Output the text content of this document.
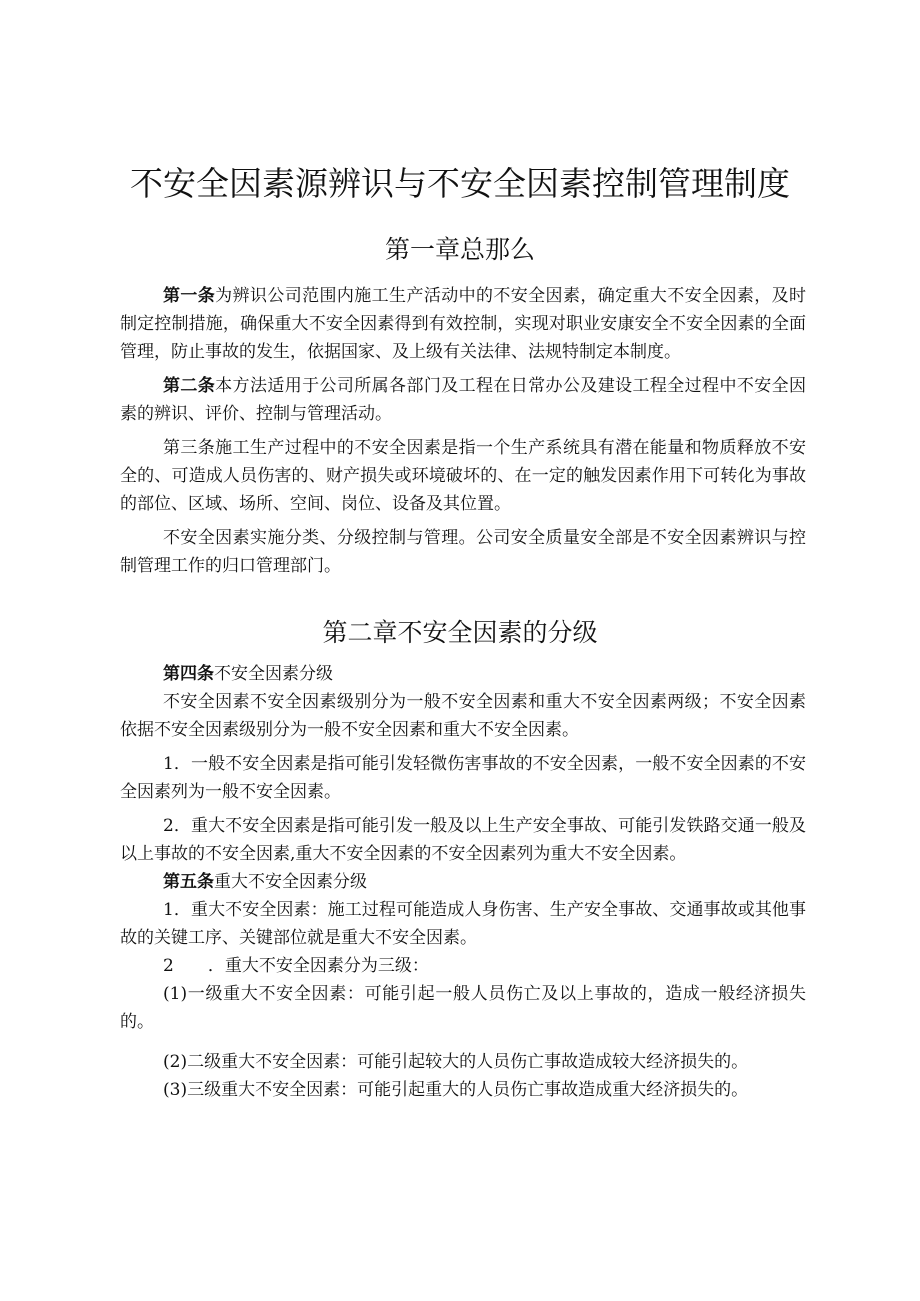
不安全因素源辨识与不安全因素控制管理制度
第一章总那么

第一条为辨识公司范围内施工生产活动中的不安全因素，确定重大不安全因素，及时制定控制措施，确保重大不安全因素得到有效控制，实现对职业安康安全不安全因素的全面管理，防止事故的发生，依据国家、及上级有关法律、法规特制定本制度。

第二条本方法适用于公司所属各部门及工程在日常办公及建设工程全过程中不安全因素的辨识、评价、控制与管理活动。

第三条施工生产过程中的不安全因素是指一个生产系统具有潜在能量和物质释放不安全的、可造成人员伤害的、财产损失或环境破坏的、在一定的触发因素作用下可转化为事故的部位、区域、场所、空间、岗位、设备及其位置。

不安全因素实施分类、分级控制与管理。公司安全质量安全部是不安全因素辨识与控制管理工作的归口管理部门。

第二章不安全因素的分级

第四条不安全因素分级

不安全因素不安全因素级别分为一般不安全因素和重大不安全因素两级；不安全因素依据不安全因素级别分为一般不安全因素和重大不安全因素。

1．一般不安全因素是指可能引发轻微伤害事故的不安全因素，一般不安全因素的不安全因素列为一般不安全因素。

2．重大不安全因素是指可能引发一般及以上生产安全事故、可能引发铁路交通一般及以上事故的不安全因素,重大不安全因素的不安全因素列为重大不安全因素。

第五条重大不安全因素分级

1．重大不安全因素：施工过程可能造成人身伤害、生产安全事故、交通事故或其他事故的关键工序、关键部位就是重大不安全因素。

2　　．重大不安全因素分为三级：

(1)一级重大不安全因素：可能引起一般人员伤亡及以上事故的，造成一般经济损失的。

(2)二级重大不安全因素：可能引起较大的人员伤亡事故造成较大经济损失的。

(3)三级重大不安全因素：可能引起重大的人员伤亡事故造成重大经济损失的。
